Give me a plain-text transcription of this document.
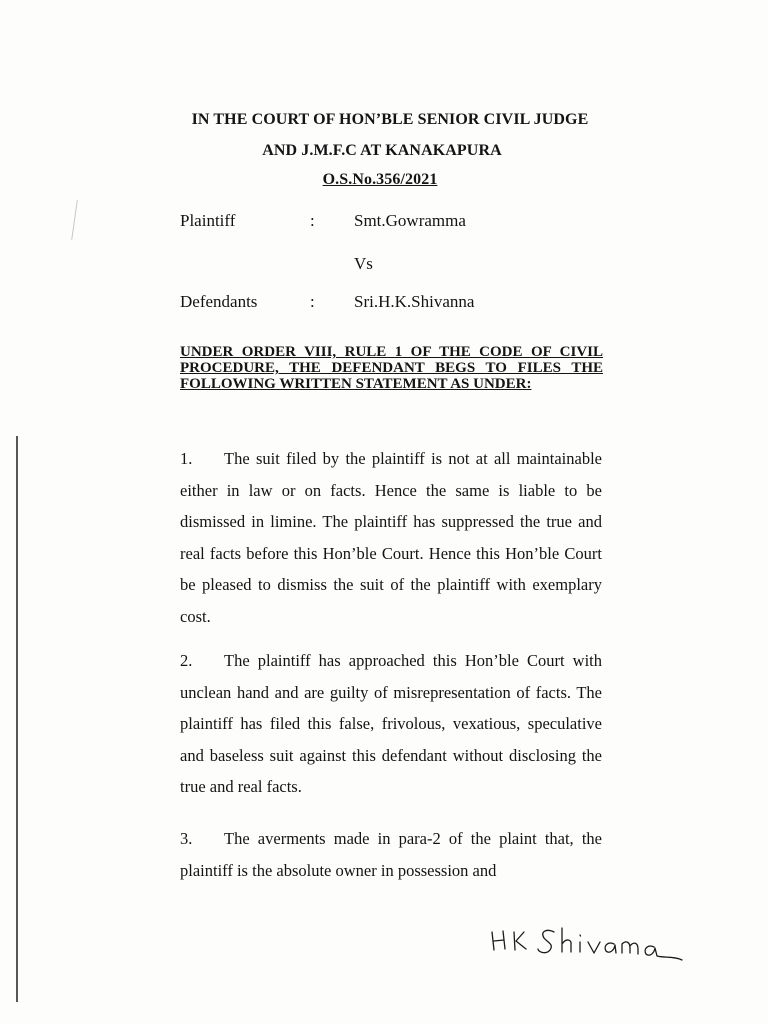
IN THE COURT OF HON’BLE SENIOR CIVIL JUDGE
AND J.M.F.C AT KANAKAPURA
O.S.No.356/2021
Plaintiff	: Smt.Gowramma
Vs
Defendants	: Sri.H.K.Shivanna
UNDER ORDER VIII, RULE 1 OF THE CODE OF CIVIL PROCEDURE, THE DEFENDANT BEGS TO FILES THE FOLLOWING WRITTEN STATEMENT AS UNDER:
1. The suit filed by the plaintiff is not at all maintainable either in law or on facts. Hence the same is liable to be dismissed in limine. The plaintiff has suppressed the true and real facts before this Hon’ble Court. Hence this Hon’ble Court be pleased to dismiss the suit of the plaintiff with exemplary cost.
2. The plaintiff has approached this Hon’ble Court with unclean hand and are guilty of misrepresentation of facts. The plaintiff has filed this false, frivolous, vexatious, speculative and baseless suit against this defendant without disclosing the true and real facts.
3. The averments made in para-2 of the plaint that, the plaintiff is the absolute owner in possession and
